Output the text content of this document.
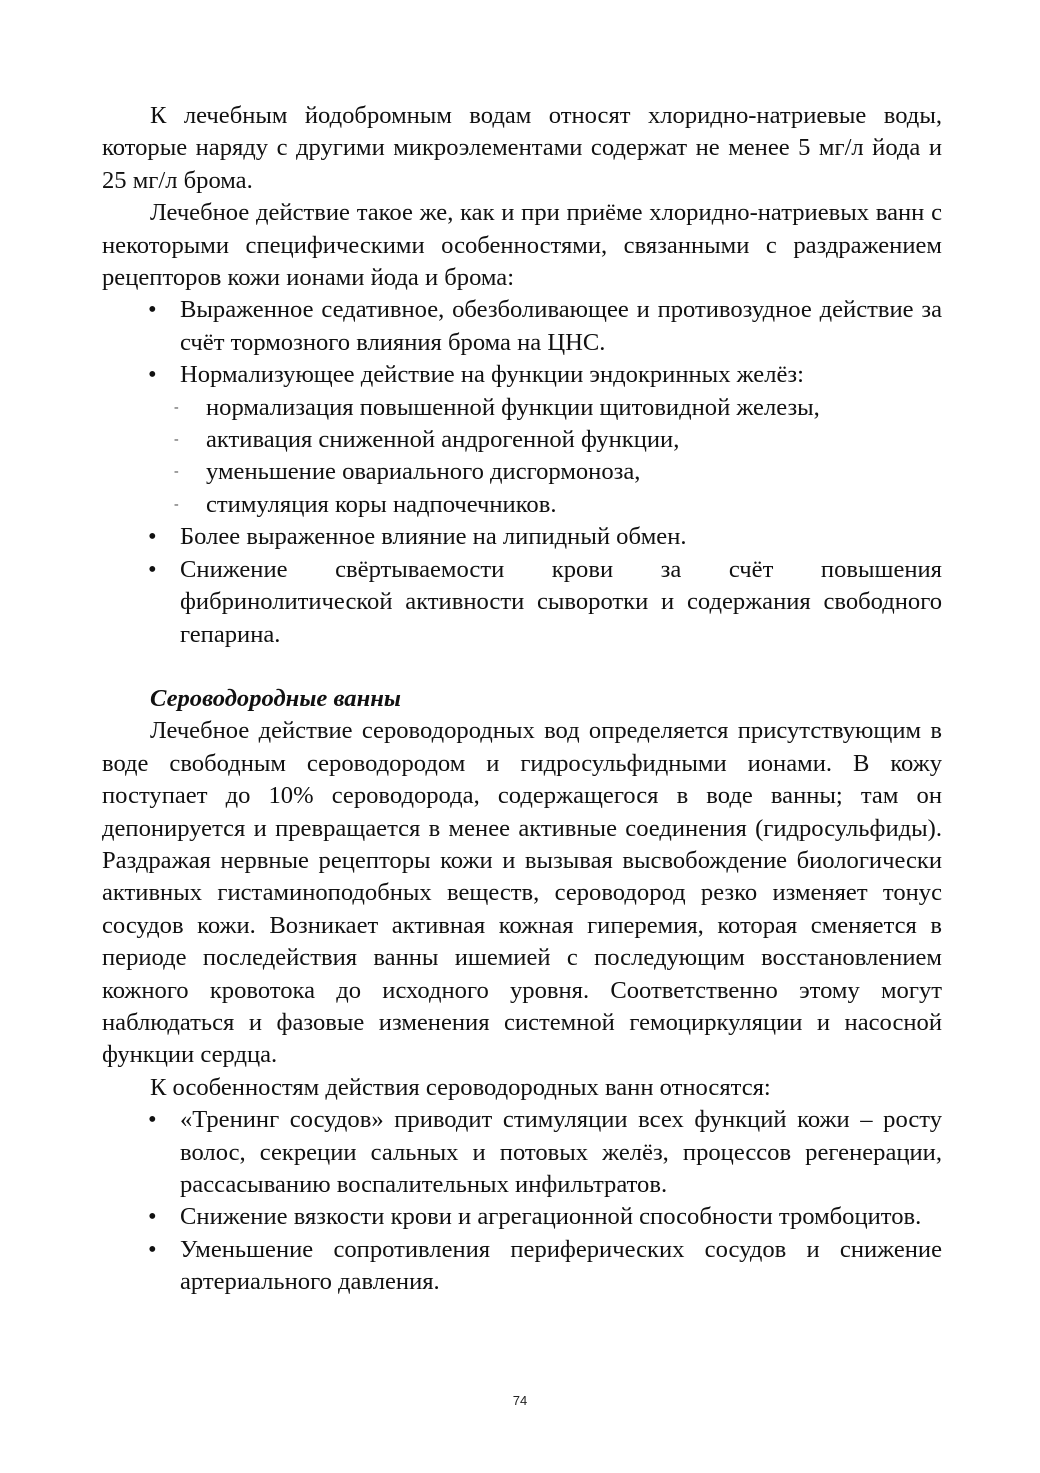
К лечебным йодобромным водам относят хлоридно-натриевые воды, которые наряду с другими микроэлементами содержат не менее 5 мг/л йода и 25 мг/л брома.

Лечебное действие такое же, как и при приёме хлоридно-натриевых ванн с некоторыми специфическими особенностями, связанными с раздражением рецепторов кожи ионами йода и брома:

• Выраженное седативное, обезболивающее и противозудное действие за счёт тормозного влияния брома на ЦНС.
• Нормализующее действие на функции эндокринных желёз:
- нормализация повышенной функции щитовидной железы,
- активация сниженной андрогенной функции,
- уменьшение овариального дисгормоноза,
- стимуляция коры надпочечников.
• Более выраженное влияние на липидный обмен.
• Снижение свёртываемости крови за счёт повышения фибринолитической активности сыворотки и содержания свободного гепарина.

Сероводородные ванны

Лечебное действие сероводородных вод определяется присутствующим в воде свободным сероводородом и гидросульфидными ионами. В кожу поступает до 10% сероводорода, содержащегося в воде ванны; там он депонируется и превращается в менее активные соединения (гидросульфиды). Раздражая нервные рецепторы кожи и вызывая высвобождение биологически активных гистаминоподобных веществ, сероводород резко изменяет тонус сосудов кожи. Возникает активная кожная гиперемия, которая сменяется в периоде последействия ванны ишемией с последующим восстановлением кожного кровотока до исходного уровня. Соответственно этому могут наблюдаться и фазовые изменения системной гемоциркуляции и насосной функции сердца.

К особенностям действия сероводородных ванн относятся:

• «Тренинг сосудов» приводит стимуляции всех функций кожи – росту волос, секреции сальных и потовых желёз, процессов регенерации, рассасыванию воспалительных инфильтратов.
• Снижение вязкости крови и агрегационной способности тромбоцитов.
• Уменьшение сопротивления периферических сосудов и снижение артериального давления.
74
